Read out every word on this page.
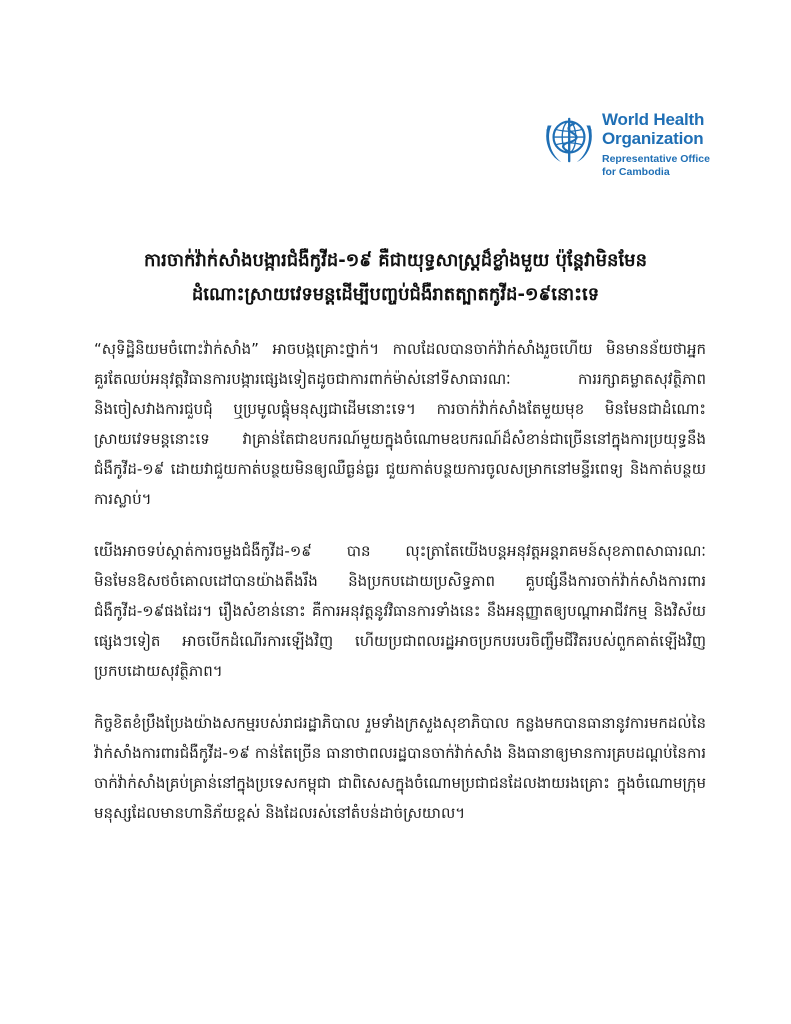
World Health
Organization
Representative Office
for Cambodia
ការចាក់វ៉ាក់សាំងបង្ការជំងឺកូវីដ-១៩ គឺជាយុទ្ធសាស្ត្រដ៏ខ្លាំងមួយ ប៉ុន្តែវាមិនមែន
ដំណោះស្រាយវេទមន្តដើម្បីបញ្ចប់ជំងឺរាតត្បាតកូវីដ-១៩នោះទេ

“សុទិដ្ឋិនិយមចំពោះវ៉ាក់សាំង” អាចបង្កគ្រោះថ្នាក់។ កាលដែលបានចាក់វ៉ាក់សាំងរួចហើយ មិនមានន័យថាអ្នកគួរតែឈប់អនុវត្តវិធានការបង្ការផ្សេងទៀតដូចជាការពាក់ម៉ាស់នៅទីសាធារណៈ ការរក្សាគម្លាតសុវត្ថិភាព និងចៀសវាងការជួបជុំ ឬប្រមូលផ្តុំមនុស្សជាដើមនោះទេ។ ការចាក់វ៉ាក់សាំងតែមួយមុខ មិនមែនជាដំណោះស្រាយវេទមន្តនោះទេ វាគ្រាន់តែជាឧបករណ៍មួយក្នុងចំណោមឧបករណ៍ដ៏សំខាន់ជាច្រើននៅក្នុងការប្រយុទ្ធនឹងជំងឺកូវីដ-១៩ ដោយវាជួយកាត់បន្ថយមិនឲ្យឈឺធ្ងន់ធ្ងរ ជួយកាត់បន្ថយការចូលសម្រាកនៅមន្ទីរពេទ្យ និងកាត់បន្ថយការស្លាប់។

យើងអាចទប់ស្កាត់ការចម្លងជំងឺកូវីដ-១៩ បាន លុះត្រាតែយើងបន្តអនុវត្តអន្តរាគមន៍សុខភាពសាធារណៈមិនមែនឱសថចំគោលដៅបានយ៉ាងតឹងរឹង និងប្រកបដោយប្រសិទ្ធភាព គួបផ្សំនឹងការចាក់វ៉ាក់សាំងការពារជំងឺកូវីដ-១៩ផងដែរ។ រឿងសំខាន់នោះ គឺការអនុវត្តនូវវិធានការទាំងនេះ នឹងអនុញ្ញាតឲ្យបណ្តាអាជីវកម្ម និងវិស័យផ្សេងៗទៀត អាចបើកដំណើរការឡើងវិញ ហើយប្រជាពលរដ្ឋអាចប្រកបរបរចិញ្ចឹមជីវិតរបស់ពួកគាត់ឡើងវិញប្រកបដោយសុវត្ថិភាព។

កិច្ចខិតខំប្រឹងប្រែងយ៉ាងសកម្មរបស់រាជរដ្ឋាភិបាល រួមទាំងក្រសួងសុខាភិបាល កន្លងមកបានធានានូវការមកដល់នៃវ៉ាក់សាំងការពារជំងឺកូវីដ-១៩ កាន់តែច្រើន ធានាថាពលរដ្ឋបានចាក់វ៉ាក់សាំង និងធានាឲ្យមានការគ្របដណ្តប់នៃការចាក់វ៉ាក់សាំងគ្រប់គ្រាន់នៅក្នុងប្រទេសកម្ពុជា ជាពិសេសក្នុងចំណោមប្រជាជនដែលងាយរងគ្រោះ ក្នុងចំណោមក្រុមមនុស្សដែលមានហានិភ័យខ្ពស់ និងដែលរស់នៅតំបន់ដាច់ស្រយាល។
